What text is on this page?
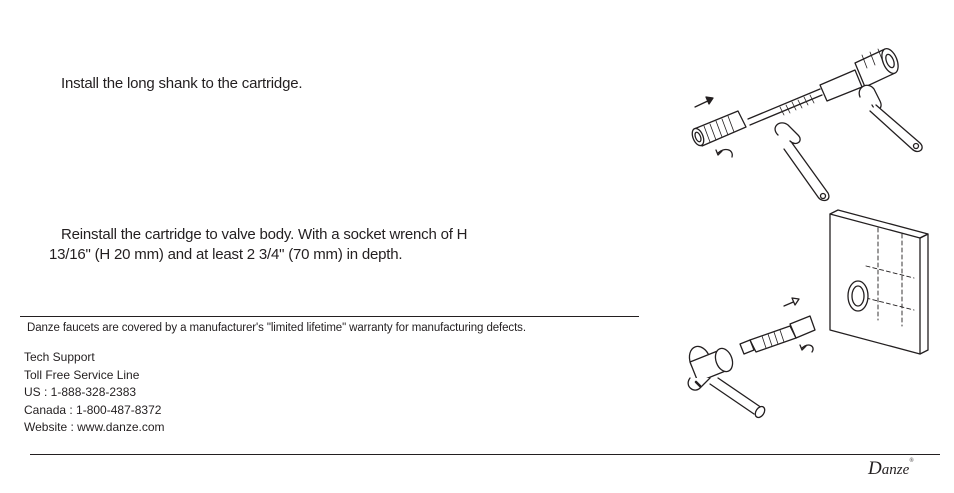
Install the long shank to the cartridge.
Reinstall the cartridge to valve body. With a socket wrench of H
13/16" (H 20 mm) and at least 2 3/4" (70 mm) in depth.
Danze faucets are covered by a manufacturer's "limited lifetime" warranty for manufacturing defects.
Tech Support
Toll Free Service Line
US : 1-888-328-2383
Canada : 1-800-487-8372
Website : www.danze.com
Danze®
